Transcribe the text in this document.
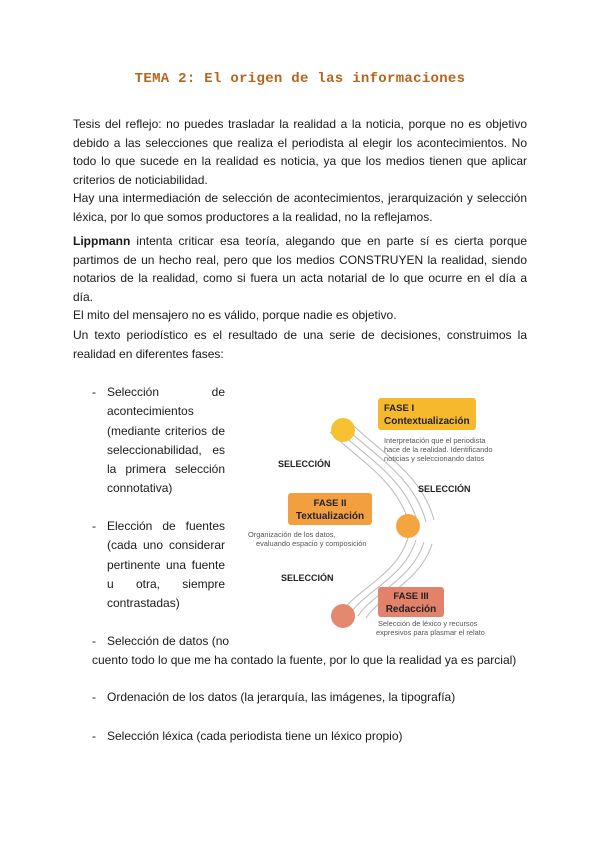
TEMA 2: El origen de las informaciones

Tesis del reflejo: no puedes trasladar la realidad a la noticia, porque no es objetivo debido a las selecciones que realiza el periodista al elegir los acontecimientos. No todo lo que sucede en la realidad es noticia, ya que los medios tienen que aplicar criterios de noticiabilidad.

Hay una intermediación de selección de acontecimientos, jerarquización y selección léxica, por lo que somos productores a la realidad, no la reflejamos.

Lippmann intenta criticar esa teoría, alegando que en parte sí es cierta porque partimos de un hecho real, pero que los medios CONSTRUYEN la realidad, siendo notarios de la realidad, como si fuera un acta notarial de lo que ocurre en el día a día.

El mito del mensajero no es válido, porque nadie es objetivo.

Un texto periodístico es el resultado de una serie de decisiones, construimos la realidad en diferentes fases:
- Selección de acontecimientos (mediante criterios de seleccionabilidad, es la primera selección connotativa)
- Elección de fuentes (cada uno considerar pertinente una fuente u otra, siempre contrastadas)
- Selección de datos (no
cuento todo lo que me ha contado la fuente, por lo que la realidad ya es parcial)
- Ordenación de los datos (la jerarquía, las imágenes, la tipografía)
- Selección léxica (cada periodista tiene un léxico propio)
FASE I
Contextualización
Interpretación que el periodista
hace de la realidad. Identificando
noticias y seleccionando datos
FASE II
Textualización
Organización de los datos,
evaluando espacio y composición
FASE III
Redacción
Selección de léxico y recursos
expresivos para plasmar el relato
SELECCIÓN
SELECCIÓN
SELECCIÓN
